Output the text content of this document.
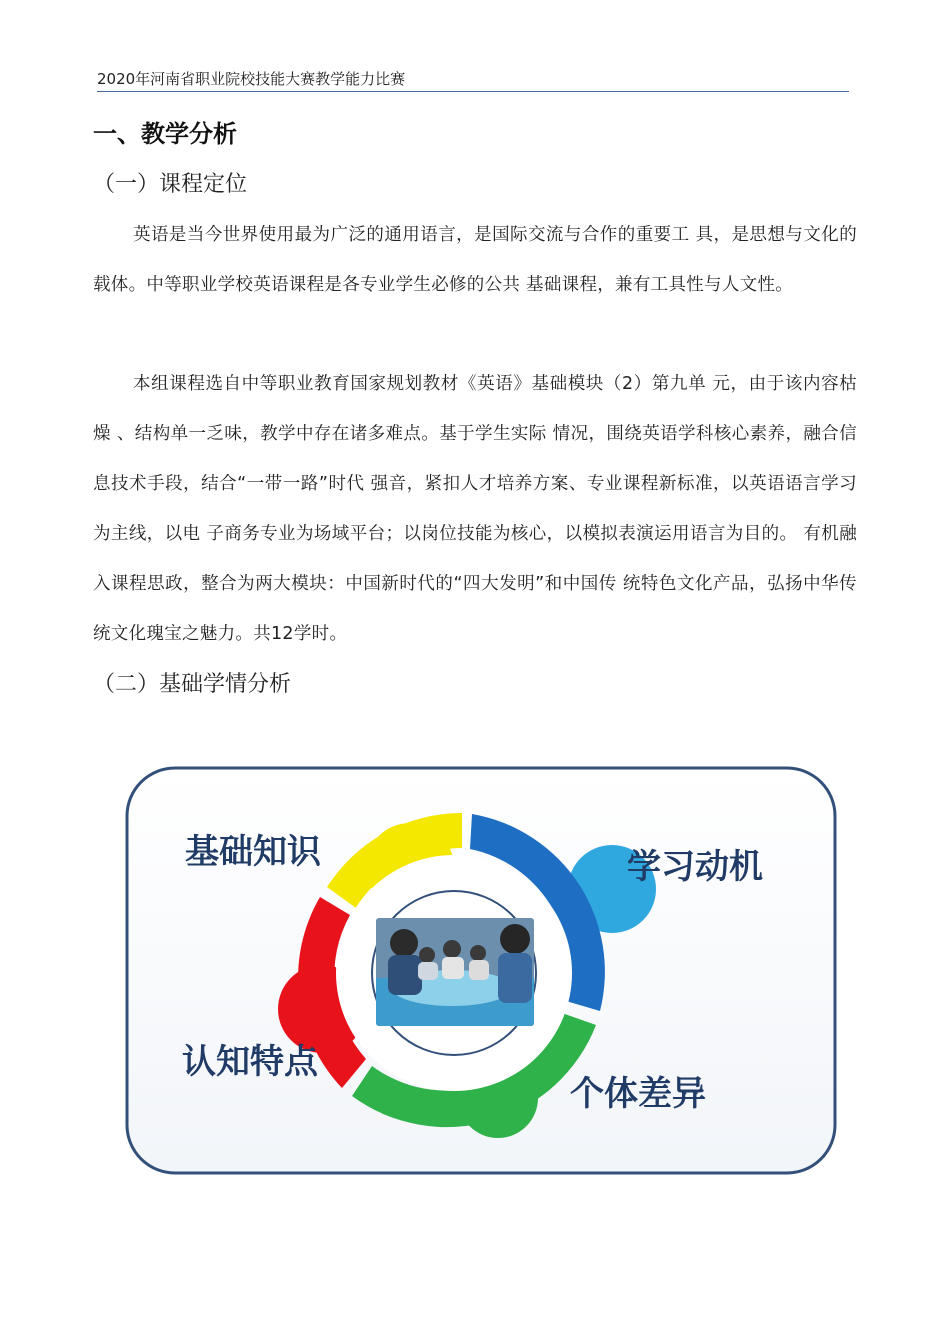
2020年河南省职业院校技能大赛教学能力比赛
一、教学分析
（一）课程定位

英语是当今世界使用最为广泛的通用语言，是国际交流与合作的重要工 具，是思想与文化的载体。中等职业学校英语课程是各专业学生必修的公共 基础课程，兼有工具性与人文性。

本组课程选自中等职业教育国家规划教材《英语》基础模块（2）第九单 元，由于该内容枯燥 、结构单一乏味，教学中存在诸多难点。基于学生实际 情况，围绕英语学科核心素养，融合信息技术手段，结合“一带一路”时代 强音，紧扣人才培养方案、专业课程新标准，以英语语言学习为主线，以电 子商务专业为场域平台；以岗位技能为核心，以模拟表演运用语言为目的。 有机融入课程思政，整合为两大模块：中国新时代的“四大发明”和中国传 统特色文化产品，弘扬中华传统文化瑰宝之魅力。共12学时。

（二）基础学情分析
基础知识	学习动机
认知特点
个体差异
